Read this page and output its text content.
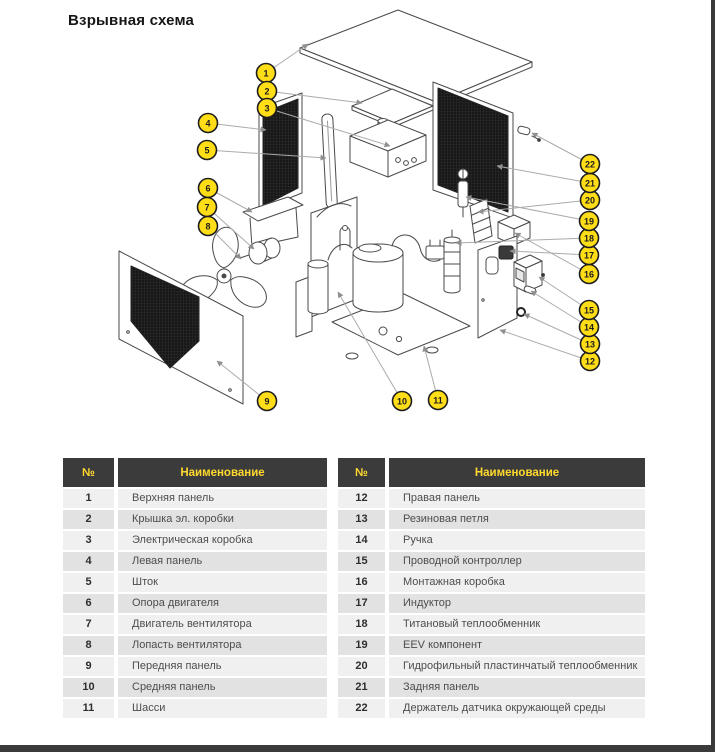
Взрывная схема
1
2
3
4
5
6
7
8
9	10	11
12
13
14
15
16
17
18
19
20
21
22
№	Наименование
1	Верхняя панель
2	Крышка эл. коробки
3	Электрическая коробка
4	Левая панель
5	Шток
6	Опора двигателя
7	Двигатель вентилятора
8	Лопасть вентилятора
9	Передняя панель
10	Средняя панель
11	Шасси
№	Наименование
12	Правая панель
13	Резиновая петля
14	Ручка
15	Проводной контроллер
16	Монтажная коробка
17	Индуктор
18	Титановый теплообменник
19	EEV компонент
20	Гидрофильный пластинчатый теплообменник
21	Задняя панель
22	Держатель датчика окружающей среды
